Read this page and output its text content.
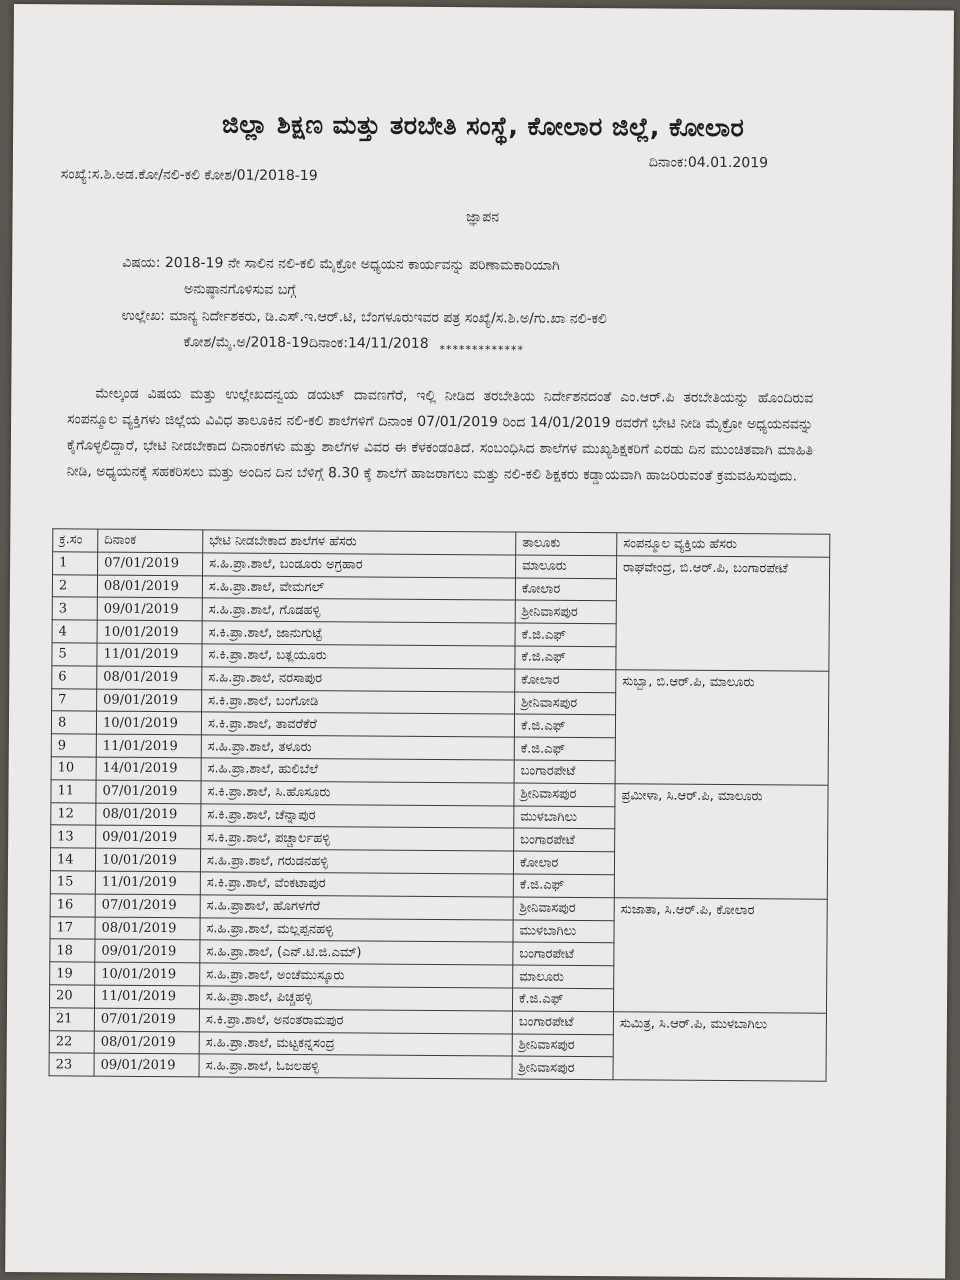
ಜಿಲ್ಲಾ ಶಿಕ್ಷಣ ಮತ್ತು ತರಬೇತಿ ಸಂಸ್ಥೆ, ಕೋಲಾರ ಜಿಲ್ಲೆ, ಕೋಲಾರ
ದಿನಾಂಕ:04.01.2019
ಸಂಖ್ಯೆ:ಸ.ಶಿ.ಅಡ.ಕೋ/ನಲಿ-ಕಲಿ ಕೋಶ/01/2018-19
ಜ್ಞಾಪನ
ವಿಷಯ: 2018-19 ನೇ ಸಾಲಿನ ನಲಿ-ಕಲಿ ಮೈಕ್ರೋ ಅಧ್ಯಯನ ಕಾರ್ಯವನ್ನು ಪರಿಣಾಮಕಾರಿಯಾಗಿ
ಅನುಷ್ಠಾನಗೊಳಿಸುವ ಬಗ್ಗೆ
ಉಲ್ಲೇಖ: ಮಾನ್ಯ ನಿರ್ದೇಶಕರು, ಡಿ.ಎಸ್.ಇ.ಆರ್.ಟಿ, ಬೆಂಗಳೂರುಇವರ ಪತ್ರ ಸಂಖ್ಯೆ/ಸ.ಶಿ.ಅ/ಗು.ಖಾ ನಲಿ-ಕಲಿ
ಕೋಶ/ಮೈ.ಅ/2018-19ದಿನಾಂಕ:14/11/2018 *************
ಮೇಲ್ಕಂಡ ವಿಷಯ ಮತ್ತು ಉಲ್ಲೇಖದನ್ವಯ ಡಯಟ್ ದಾವಣಗೆರೆ, ಇಲ್ಲಿ ನೀಡಿದ ತರಬೇತಿಯ ನಿರ್ದೇಶನದಂತೆ ಎಂ.ಆರ್.ಪಿ ತರಬೇತಿಯನ್ನು ಹೊಂದಿರುವ ಸಂಪನ್ಮೂಲ ವ್ಯಕ್ತಿಗಳು ಜಿಲ್ಲೆಯ ವಿವಿಧ ತಾಲೂಕಿನ ನಲಿ-ಕಲಿ ಶಾಲೆಗಳಿಗೆ ದಿನಾಂಕ 07/01/2019 ರಿಂದ 14/01/2019 ರವರೆಗೆ ಭೇಟಿ ನೀಡಿ ಮೈಕ್ರೋ ಅಧ್ಯಯನವನ್ನು ಕೈಗೊಳ್ಳಲಿದ್ದಾರೆ, ಭೇಟಿ ನೀಡಬೇಕಾದ ದಿನಾಂಕಗಳು ಮತ್ತು ಶಾಲೆಗಳ ವಿವರ ಈ ಕೆಳಕಂಡಂತಿದೆ. ಸಂಬಂಧಿಸಿದ ಶಾಲೆಗಳ ಮುಖ್ಯಶಿಕ್ಷಕರಿಗೆ ಎರಡು ದಿನ ಮುಂಚಿತವಾಗಿ ಮಾಹಿತಿ ನೀಡಿ, ಅಧ್ಯಯನಕ್ಕೆ ಸಹಕರಿಸಲು ಮತ್ತು ಅಂದಿನ ದಿನ ಬೆಳಿಗ್ಗೆ 8.30 ಕ್ಕೆ ಶಾಲೆಗೆ ಹಾಜರಾಗಲು ಮತ್ತು ನಲಿ-ಕಲಿ ಶಿಕ್ಷಕರು ಕಡ್ಡಾಯವಾಗಿ ಹಾಜರಿರುವಂತೆ ಕ್ರಮವಹಿಸುವುದು.
ಕ್ರ.ಸಂ	ದಿನಾಂಕ	ಭೇಟಿ ನೀಡಬೇಕಾದ ಶಾಲೆಗಳ ಹೆಸರು	ತಾಲೂಕು	ಸಂಪನ್ಮೂಲ ವ್ಯಕ್ತಿಯ ಹೆಸರು
1	07/01/2019	ಸ.ಹಿ.ಪ್ರಾ.ಶಾಲೆ, ಬಂಡೂರು ಅಗ್ರಹಾರ	ಮಾಲೂರು	ರಾಘವೇಂದ್ರ, ಬಿ.ಆರ್.ಪಿ, ಬಂಗಾರಪೇಟೆ
2	08/01/2019	ಸ.ಹಿ.ಪ್ರಾ.ಶಾಲೆ, ವೇಮಗಲ್	ಕೋಲಾರ	
3	09/01/2019	ಸ.ಹಿ.ಪ್ರಾ.ಶಾಲೆ, ಗೊಡಹಳ್ಳಿ	ಶ್ರೀನಿವಾಸಪುರ	
4	10/01/2019	ಸ.ಕಿ.ಪ್ರಾ.ಶಾಲೆ, ಜಾನುಗುಟ್ಟೆ	ಕೆ.ಜಿ.ಎಫ್	
5	11/01/2019	ಸ.ಕಿ.ಪ್ರಾ.ಶಾಲೆ, ಬತ್ಲಯೂರು	ಕೆ.ಜಿ.ಎಫ್	
6	08/01/2019	ಸ.ಹಿ.ಪ್ರಾ.ಶಾಲೆ, ನರಸಾಪುರ	ಕೋಲಾರ	ಸುಬ್ಬಾ, ಬಿ.ಆರ್.ಪಿ, ಮಾಲೂರು
7	09/01/2019	ಸ.ಕಿ.ಪ್ರಾ.ಶಾಲೆ, ಬಂಗೋಡಿ	ಶ್ರೀನಿವಾಸಪುರ	
8	10/01/2019	ಸ.ಕಿ.ಪ್ರಾ.ಶಾಲೆ, ತಾವರೆಕೆರೆ	ಕೆ.ಜಿ.ಎಫ್	
9	11/01/2019	ಸ.ಹಿ.ಪ್ರಾ.ಶಾಲೆ, ತಳೂರು	ಕೆ.ಜಿ.ಎಫ್	
10	14/01/2019	ಸ.ಹಿ.ಪ್ರಾ.ಶಾಲೆ, ಹುಲಿಬೆಲೆ	ಬಂಗಾರಪೇಟೆ	
11	07/01/2019	ಸ.ಕಿ.ಪ್ರಾ.ಶಾಲೆ, ಸಿ.ಹೊಸೂರು	ಶ್ರೀನಿವಾಸಪುರ	ಪ್ರಮೀಳಾ, ಸಿ.ಆರ್.ಪಿ, ಮಾಲೂರು
12	08/01/2019	ಸ.ಕಿ.ಪ್ರಾ.ಶಾಲೆ, ಚೆನ್ನಾಪುರ	ಮುಳಬಾಗಿಲು	
13	09/01/2019	ಸ.ಕಿ.ಪ್ರಾ.ಶಾಲೆ, ಪಚ್ಚಾರ್ಲಹಳ್ಳಿ	ಬಂಗಾರಪೇಟೆ	
14	10/01/2019	ಸ.ಹಿ.ಪ್ರಾ.ಶಾಲೆ, ಗರುಡನಹಳ್ಳಿ	ಕೋಲಾರ	
15	11/01/2019	ಸ.ಕಿ.ಪ್ರಾ.ಶಾಲೆ, ವೆಂಕಟಾಪುರ	ಕೆ.ಜಿ.ಎಫ್	
16	07/01/2019	ಸ.ಹಿ.ಪ್ರಾಶಾಲೆ, ಹೊಗಳಗೆರೆ	ಶ್ರೀನಿವಾಸಪುರ	ಸುಜಾತಾ, ಸಿ.ಆರ್.ಪಿ, ಕೋಲಾರ
17	08/01/2019	ಸ.ಹಿ.ಪ್ರಾ.ಶಾಲೆ, ಮಲ್ಲಪ್ಪನಹಳ್ಳಿ	ಮುಳಬಾಗಿಲು	
18	09/01/2019	ಸ.ಹಿ.ಪ್ರಾ.ಶಾಲೆ, (ಎನ್.ಟಿ.ಜಿ.ಎಮ್)	ಬಂಗಾರಪೇಟೆ	
19	10/01/2019	ಸ.ಹಿ.ಪ್ರಾ.ಶಾಲೆ, ಅಂಚೆಮುಸ್ಕೂರು	ಮಾಲೂರು	
20	11/01/2019	ಸ.ಹಿ.ಪ್ರಾ.ಶಾಲೆ, ಪಿಚ್ಚಹಳ್ಳಿ	ಕೆ.ಜಿ.ಎಫ್	
21	07/01/2019	ಸ.ಕಿ.ಪ್ರಾ.ಶಾಲೆ, ಅನಂತರಾಮಪುರ	ಬಂಗಾರಪೇಟೆ	ಸುಮಿತ್ರ, ಸಿ.ಆರ್.ಪಿ, ಮುಳಬಾಗಿಲು
22	08/01/2019	ಸ.ಹಿ.ಪ್ರಾ.ಶಾಲೆ, ಮಟ್ಟಕನ್ನಸಂದ್ರ	ಶ್ರೀನಿವಾಸಪುರ	
23	09/01/2019	ಸ.ಹಿ.ಪ್ರಾ.ಶಾಲೆ, ಓಜಲಹಳ್ಳಿ	ಶ್ರೀನಿವಾಸಪುರ	
